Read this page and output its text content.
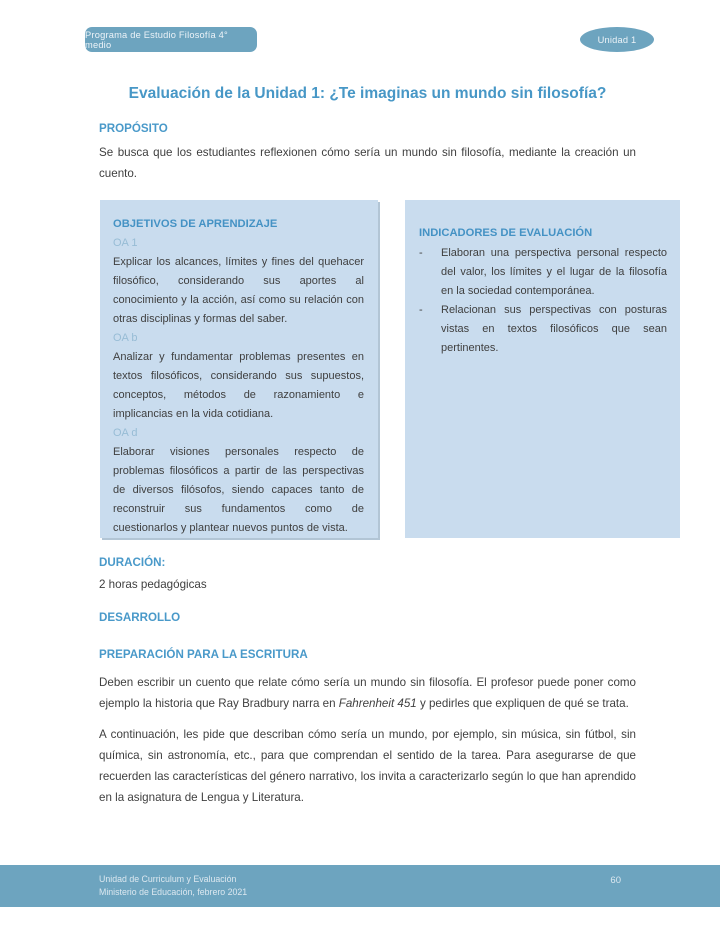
Programa de Estudio Filosofía 4° medio	Unidad 1
Evaluación de la Unidad 1: ¿Te imaginas un mundo sin filosofía?
PROPÓSITO

Se busca que los estudiantes reflexionen cómo sería un mundo sin filosofía, mediante la creación un cuento.

OBJETIVOS DE APRENDIZAJE
OA 1

Explicar los alcances, límites y fines del quehacer filosófico, considerando sus aportes al conocimiento y la acción, así como su relación con otras disciplinas y formas del saber.

OA b

Analizar y fundamentar problemas presentes en textos filosóficos, considerando sus supuestos, conceptos, métodos de razonamiento e implicancias en la vida cotidiana.

OA d

Elaborar visiones personales respecto de problemas filosóficos a partir de las perspectivas de diversos filósofos, siendo capaces tanto de reconstruir sus fundamentos como de cuestionarlos y plantear nuevos puntos de vista.

INDICADORES DE EVALUACIÓN
-	Elaboran una perspectiva personal respecto del valor, los límites y el lugar de la filosofía en la sociedad contemporánea.
-	Relacionan sus perspectivas con posturas vistas en textos filosóficos que sean pertinentes.
DURACIÓN:

2 horas pedagógicas

DESARROLLO
PREPARACIÓN PARA LA ESCRITURA

Deben escribir un cuento que relate cómo sería un mundo sin filosofía. El profesor puede poner como ejemplo la historia que Ray Bradbury narra en Fahrenheit 451 y pedirles que expliquen de qué se trata.

A continuación, les pide que describan cómo sería un mundo, por ejemplo, sin música, sin fútbol, sin química, sin astronomía, etc., para que comprendan el sentido de la tarea. Para asegurarse de que recuerden las características del género narrativo, los invita a caracterizarlo según lo que han aprendido en la asignatura de Lengua y Literatura.

Unidad de Curriculum y Evaluación
Ministerio de Educación, febrero 2021
60
